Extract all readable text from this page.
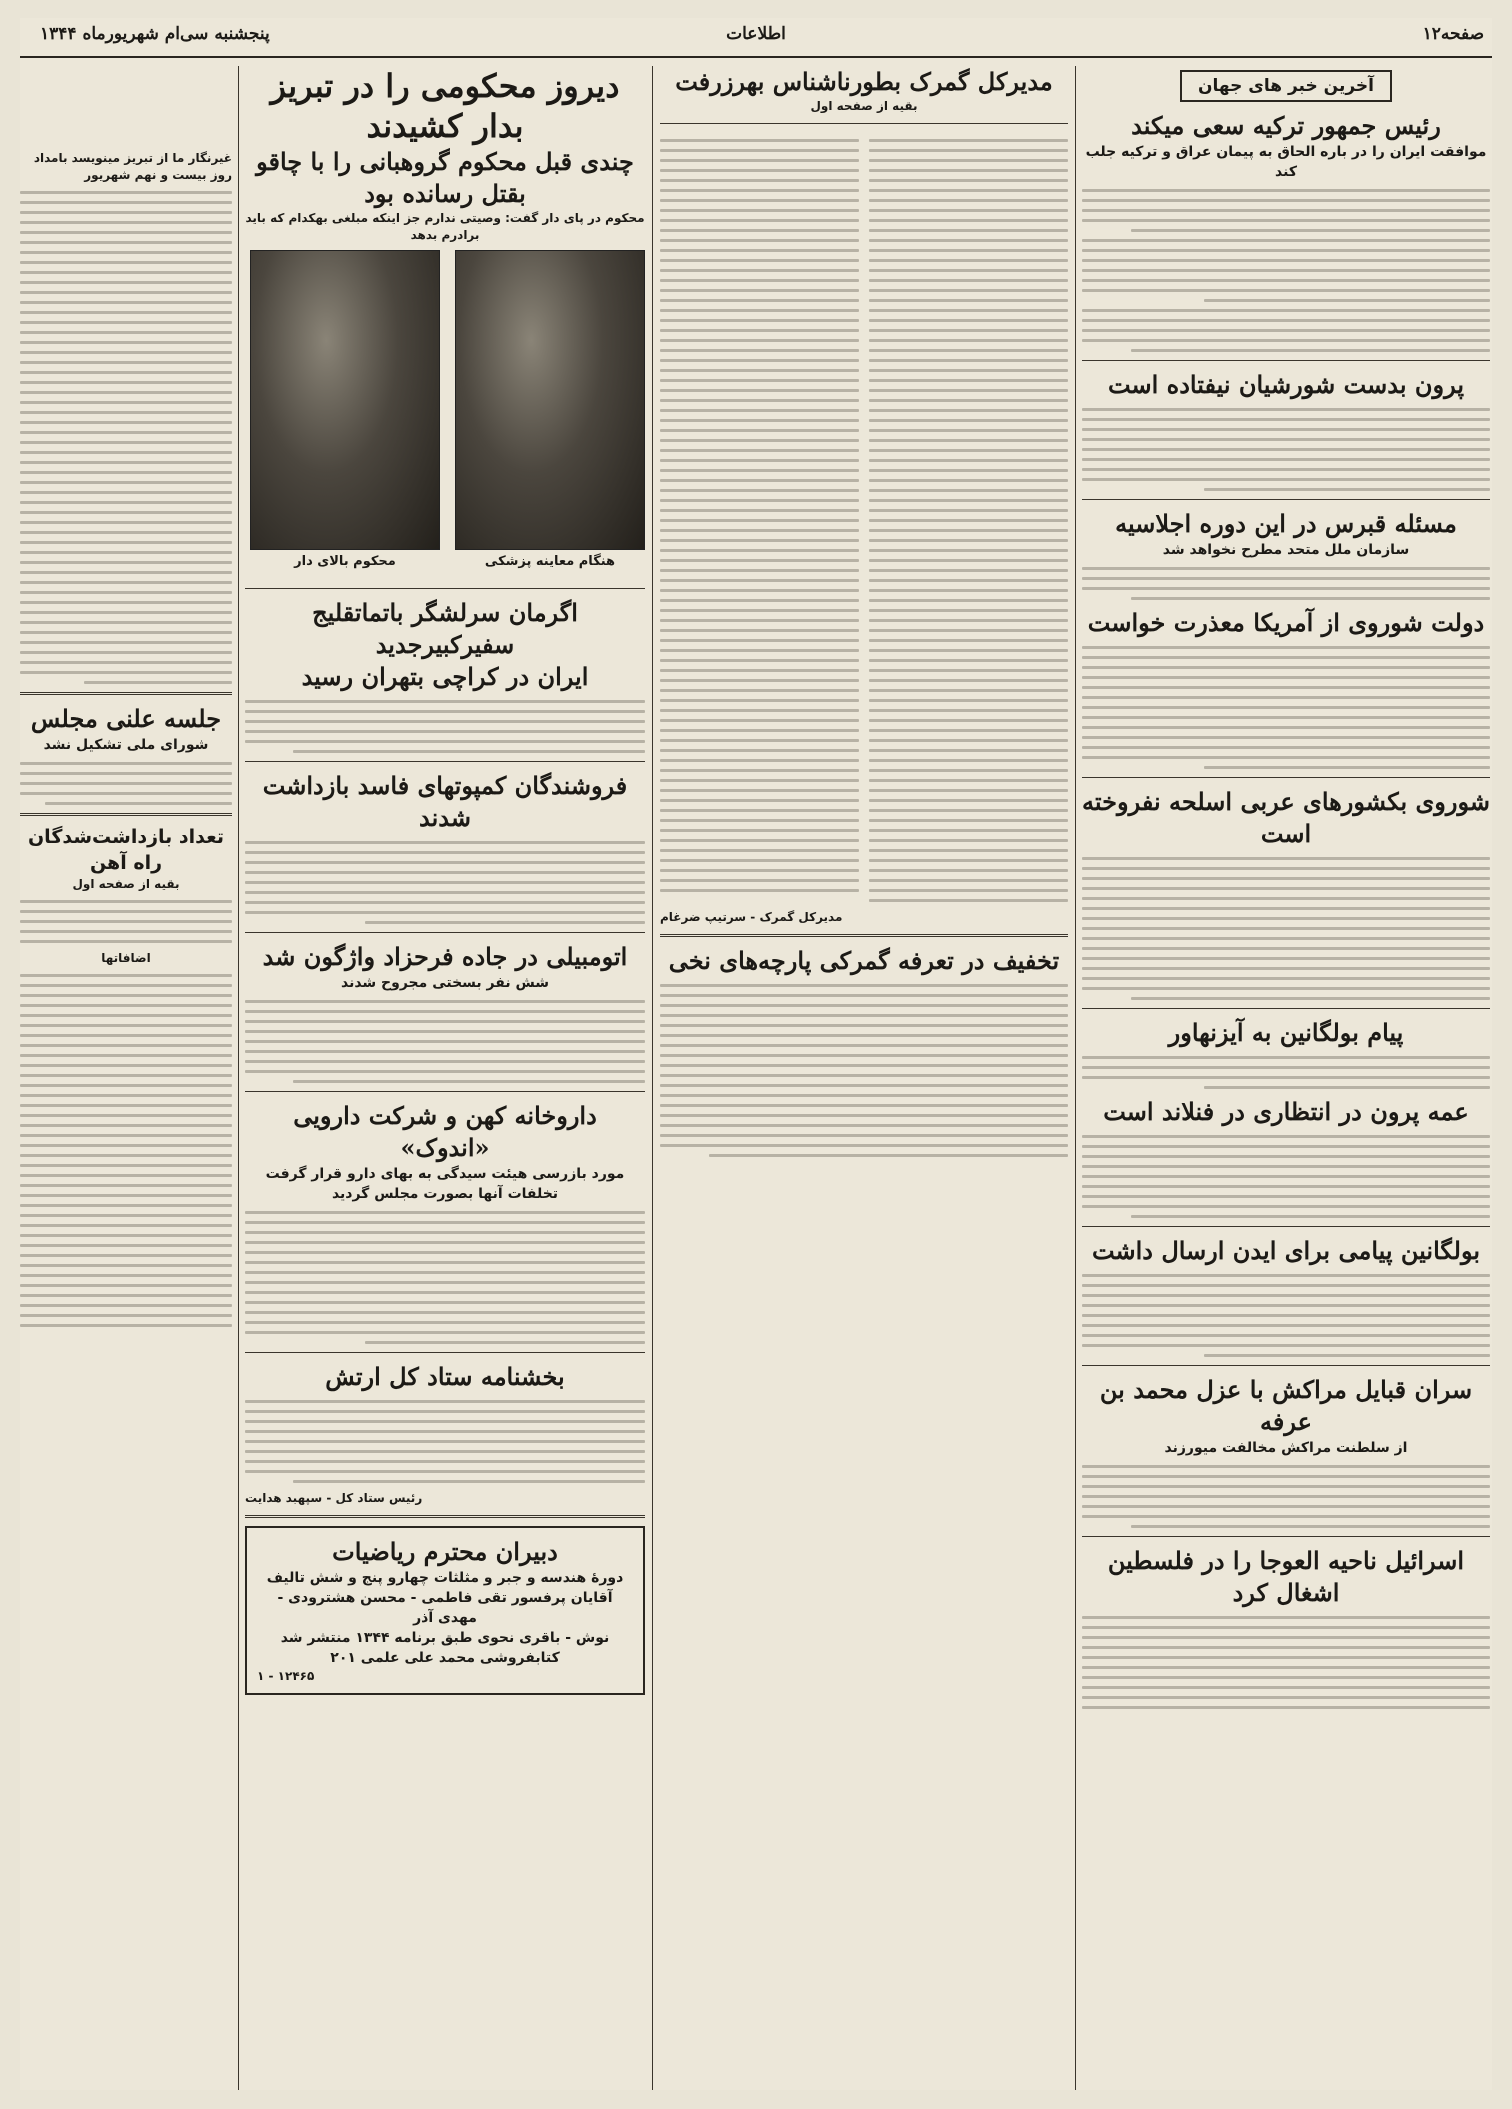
صفحه۱۲
اطلاعات
پنجشنبه سی‌ام شهریورماه ۱۳۴۴
آخرین خبر های جهان
رئیس جمهور ترکیه سعی میکند
موافقت ایران را در باره الحاق به پیمان عراق و ترکیه جلب کند
پرون بدست شورشیان نیفتاده است
مسئله قبرس در این دوره اجلاسیه
سازمان ملل متحد مطرح نخواهد شد
دولت شوروی از آمریکا معذرت خواست
شوروی بکشورهای عربی اسلحه نفروخته است
پیام بولگانین به آیزنهاور
عمه پرون در انتظاری در فنلاند است
بولگانین پیامی برای ایدن ارسال داشت
سران قبایل مراکش با عزل محمد بن عرفه
از سلطنت مراکش مخالفت میورزند
اسرائیل ناحیه العوجا را در فلسطین اشغال کرد
مدیرکل گمرک بطورناشناس بهرزرفت
بقیه از صفحه اول
مدیرکل گمرک - سرتیپ ضرغام
تخفیف در تعرفه گمرکی پارچه‌های نخی
دیروز محکومی را در تبریز بدار کشیدند
چندی قبل محکوم گروهبانی را با چاقو بقتل رسانده بود
محکوم در پای دار گفت: وصیتی ندارم جز اینکه مبلغی بهکدام که باید برادرم بدهد
هنگام معاینه پزشکی
محکوم بالای دار
اگرمان سرلشگر باتماتقلیج سفیرکبیرجدید
ایران در کراچی بتهران رسید
فروشندگان کمپوتهای فاسد بازداشت شدند
اتومبیلی در جاده فرحزاد واژگون شد
شش نفر بسختی مجروح شدند
داروخانه کهن و شرکت دارویی «اندوک»
مورد بازرسی هیئت سیدگی به بهای دارو قرار گرفت
تخلفات آنها بصورت مجلس گردید
بخشنامه ستاد کل ارتش
رئیس ستاد کل - سپهبد هدایت
دبیران محترم ریاضیات
دورهٔ هندسه و جبر و مثلثات چهارو پنج و شش تالیف
آقایان پرفسور تقی فاطمی - محسن هشترودی - مهدی آذر
نوش - باقری نحوی طبق برنامه ۱۳۴۴ منتشر شد
کتابفروشی محمد علی علمی ۲۰۱
۱۲۴۶۵ - ۱
غیرنگار ما از تبریز مینویسد بامداد روز بیست و نهم شهریور
جلسه علنی مجلس
شورای ملی تشکیل نشد
تعداد بازداشت‌شدگان راه آهن
بقیه از صفحه اول
اضافاتها
